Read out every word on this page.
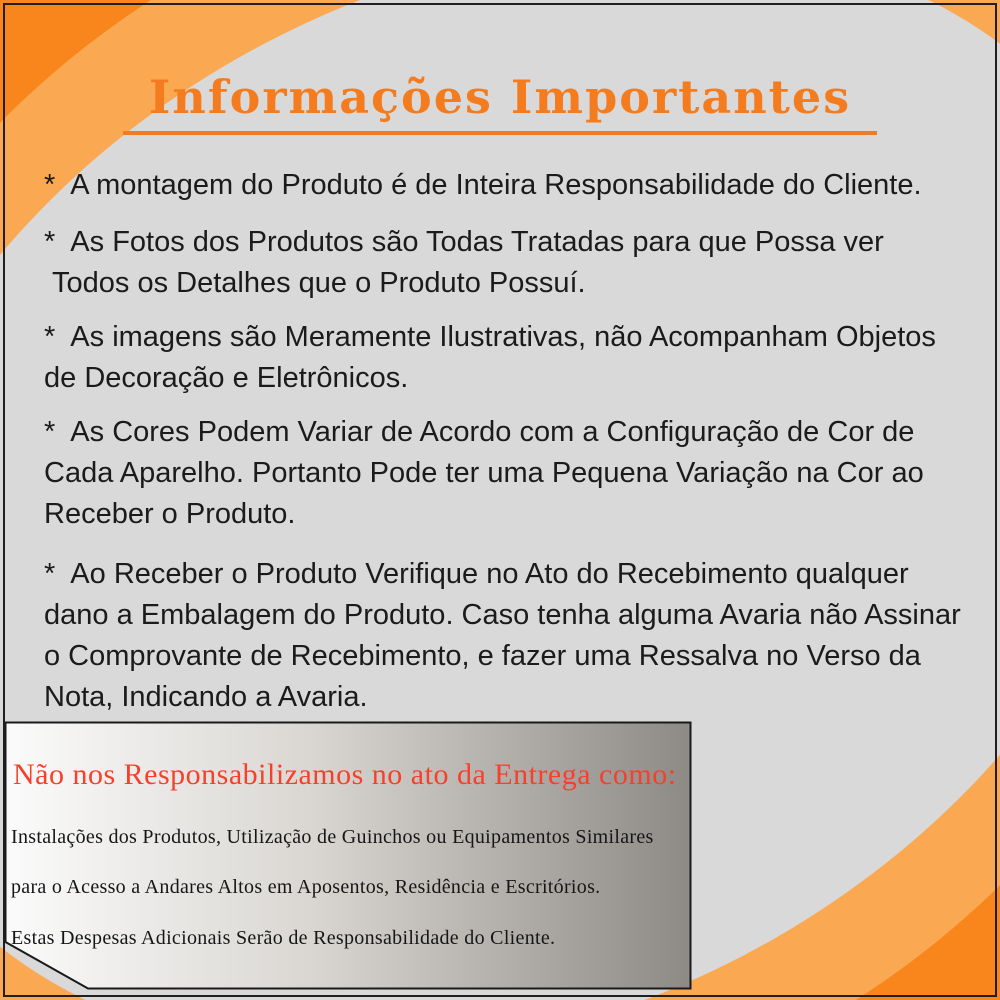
Informações Importantes
* A montagem do Produto é de Inteira Responsabilidade do Cliente.
* As Fotos dos Produtos são Todas Tratadas para que Possa ver
Todos os Detalhes que o Produto Possuí.
* As imagens são Meramente Ilustrativas, não Acompanham Objetos
de Decoração e Eletrônicos.
* As Cores Podem Variar de Acordo com a Configuração de Cor de
Cada Aparelho. Portanto Pode ter uma Pequena Variação na Cor ao
Receber o Produto.
* Ao Receber o Produto Verifique no Ato do Recebimento qualquer
dano a Embalagem do Produto. Caso tenha alguma Avaria não Assinar
o Comprovante de Recebimento, e fazer uma Ressalva no Verso da
Nota, Indicando a Avaria.
Não nos Responsabilizamos no ato da Entrega como:
Instalações dos Produtos, Utilização de Guinchos ou Equipamentos Similares
para o Acesso a Andares Altos em Aposentos, Residência e Escritórios.
Estas Despesas Adicionais Serão de Responsabilidade do Cliente.
